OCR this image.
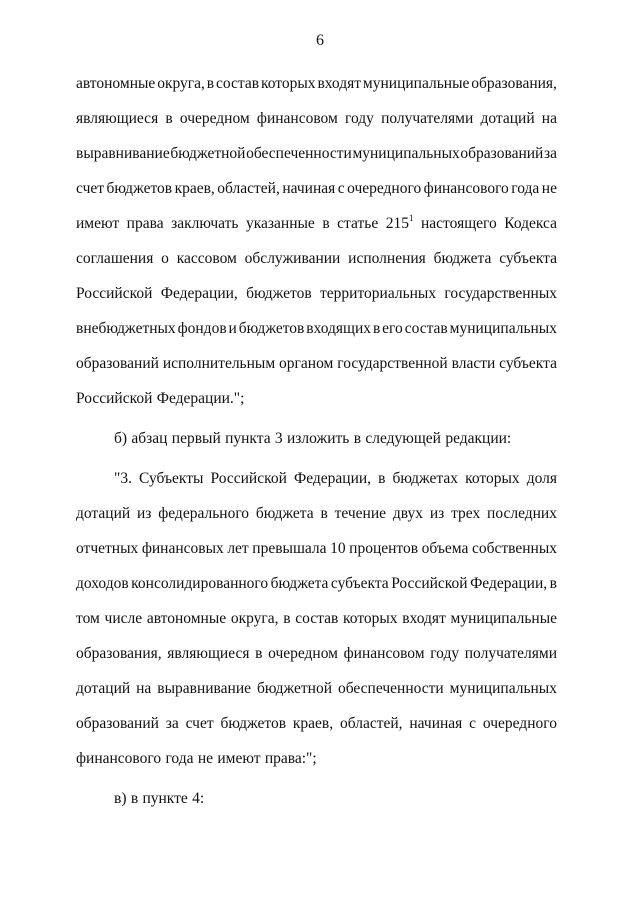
6
автономные округа, в состав которых входят муниципальные образования,
являющиеся в очередном финансовом году получателями дотаций на
выравнивание бюджетной обеспеченности муниципальных образований за
счет бюджетов краев, областей, начиная с очередного финансового года не
имеют права заключать указанные в статье $215^1$ настоящего Кодекса
соглашения о кассовом обслуживании исполнения бюджета субъекта
Российской Федерации, бюджетов территориальных государственных
внебюджетных фондов и бюджетов входящих в его состав муниципальных
образований исполнительным органом государственной власти субъекта
Российской Федерации.";
б) абзац первый пункта 3 изложить в следующей редакции:
"3. Субъекты Российской Федерации, в бюджетах которых доля
дотаций из федерального бюджета в течение двух из трех последних
отчетных финансовых лет превышала 10 процентов объема собственных
доходов консолидированного бюджета субъекта Российской Федерации, в
том числе автономные округа, в состав которых входят муниципальные
образования, являющиеся в очередном финансовом году получателями
дотаций на выравнивание бюджетной обеспеченности муниципальных
образований за счет бюджетов краев, областей, начиная с очередного
финансового года не имеют права:";
в) в пункте 4:
